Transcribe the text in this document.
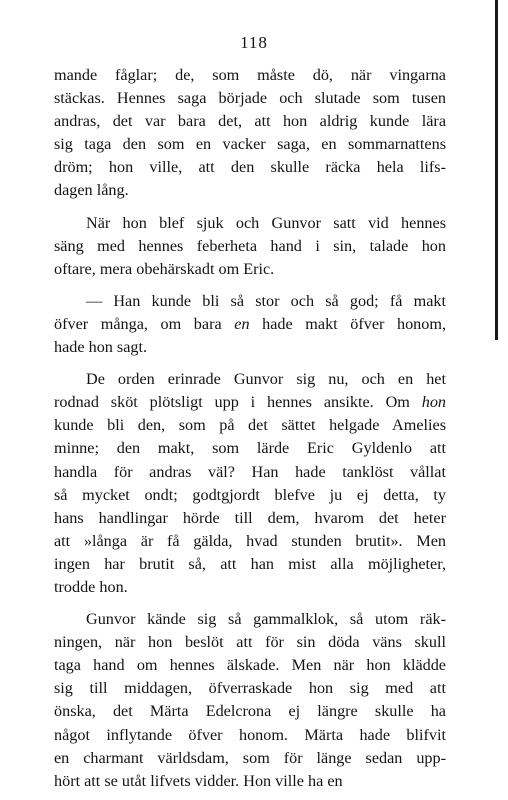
118
mande fåglar; de, som måste dö, när vingarna
stäckas. Hennes saga började och slutade som tusen
andras, det var bara det, att hon aldrig kunde lära
sig taga den som en vacker saga, en sommarnattens
dröm; hon ville, att den skulle räcka hela lifs-
dagen lång.
När hon blef sjuk och Gunvor satt vid hennes
säng med hennes feberheta hand i sin, talade hon
oftare, mera obehärskadt om Eric.
— Han kunde bli så stor och så god; få makt
öfver många, om bara en hade makt öfver honom,
hade hon sagt.
De orden erinrade Gunvor sig nu, och en het
rodnad sköt plötsligt upp i hennes ansikte. Om hon
kunde bli den, som på det sättet helgade Amelies
minne; den makt, som lärde Eric Gyldenlo att
handla för andras väl? Han hade tanklöst vållat
så mycket ondt; godtgjordt blefve ju ej detta, ty
hans handlingar hörde till dem, hvarom det heter
att »långa är få gälda, hvad stunden brutit». Men
ingen har brutit så, att han mist alla möjligheter,
trodde hon.
Gunvor kände sig så gammalklok, så utom räk-
ningen, när hon beslöt att för sin döda väns skull
taga hand om hennes älskade. Men när hon klädde
sig till middagen, öfverraskade hon sig med att
önska, det Märta Edelcrona ej längre skulle ha
något inflytande öfver honom. Märta hade blifvit
en charmant världsdam, som för länge sedan upp-
hört att se utåt lifvets vidder. Hon ville ha en
